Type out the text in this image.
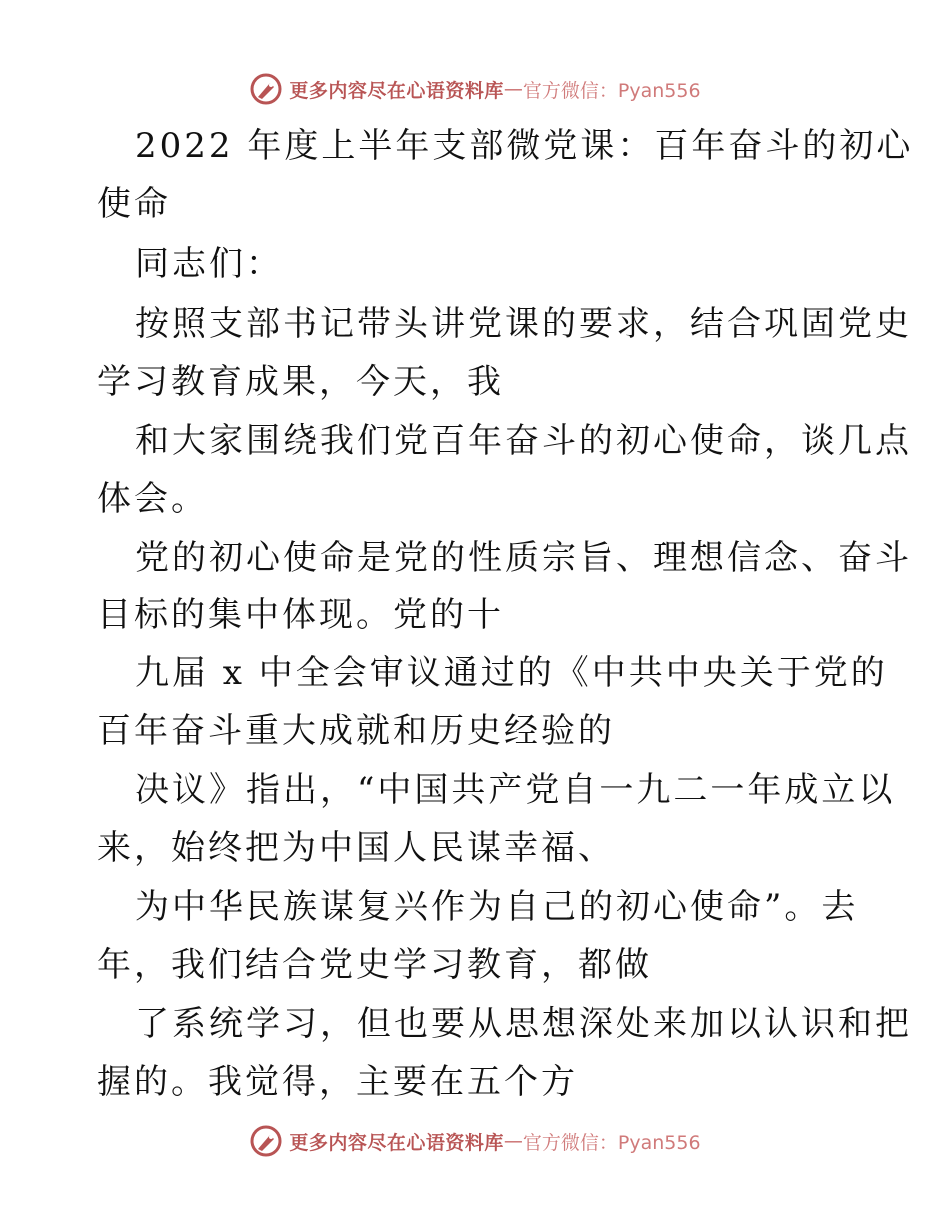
更多内容尽在心语资料库 — 官方微信：Pyan556
2022 年度上半年支部微党课：百年奋斗的初心
使命
同志们：
按照支部书记带头讲党课的要求，结合巩固党史
学习教育成果，今天，我
和大家围绕我们党百年奋斗的初心使命，谈几点
体会。
党的初心使命是党的性质宗旨、理想信念、奋斗
目标的集中体现。党的十
九届 x 中全会审议通过的《中共中央关于党的
百年奋斗重大成就和历史经验的
决议》指出，“中国共产党自一九二一年成立以
来，始终把为中国人民谋幸福、
为中华民族谋复兴作为自己的初心使命”。去
年，我们结合党史学习教育，都做
了系统学习，但也要从思想深处来加以认识和把
握的。我觉得，主要在五个方
更多内容尽在心语资料库 — 官方微信：Pyan556
